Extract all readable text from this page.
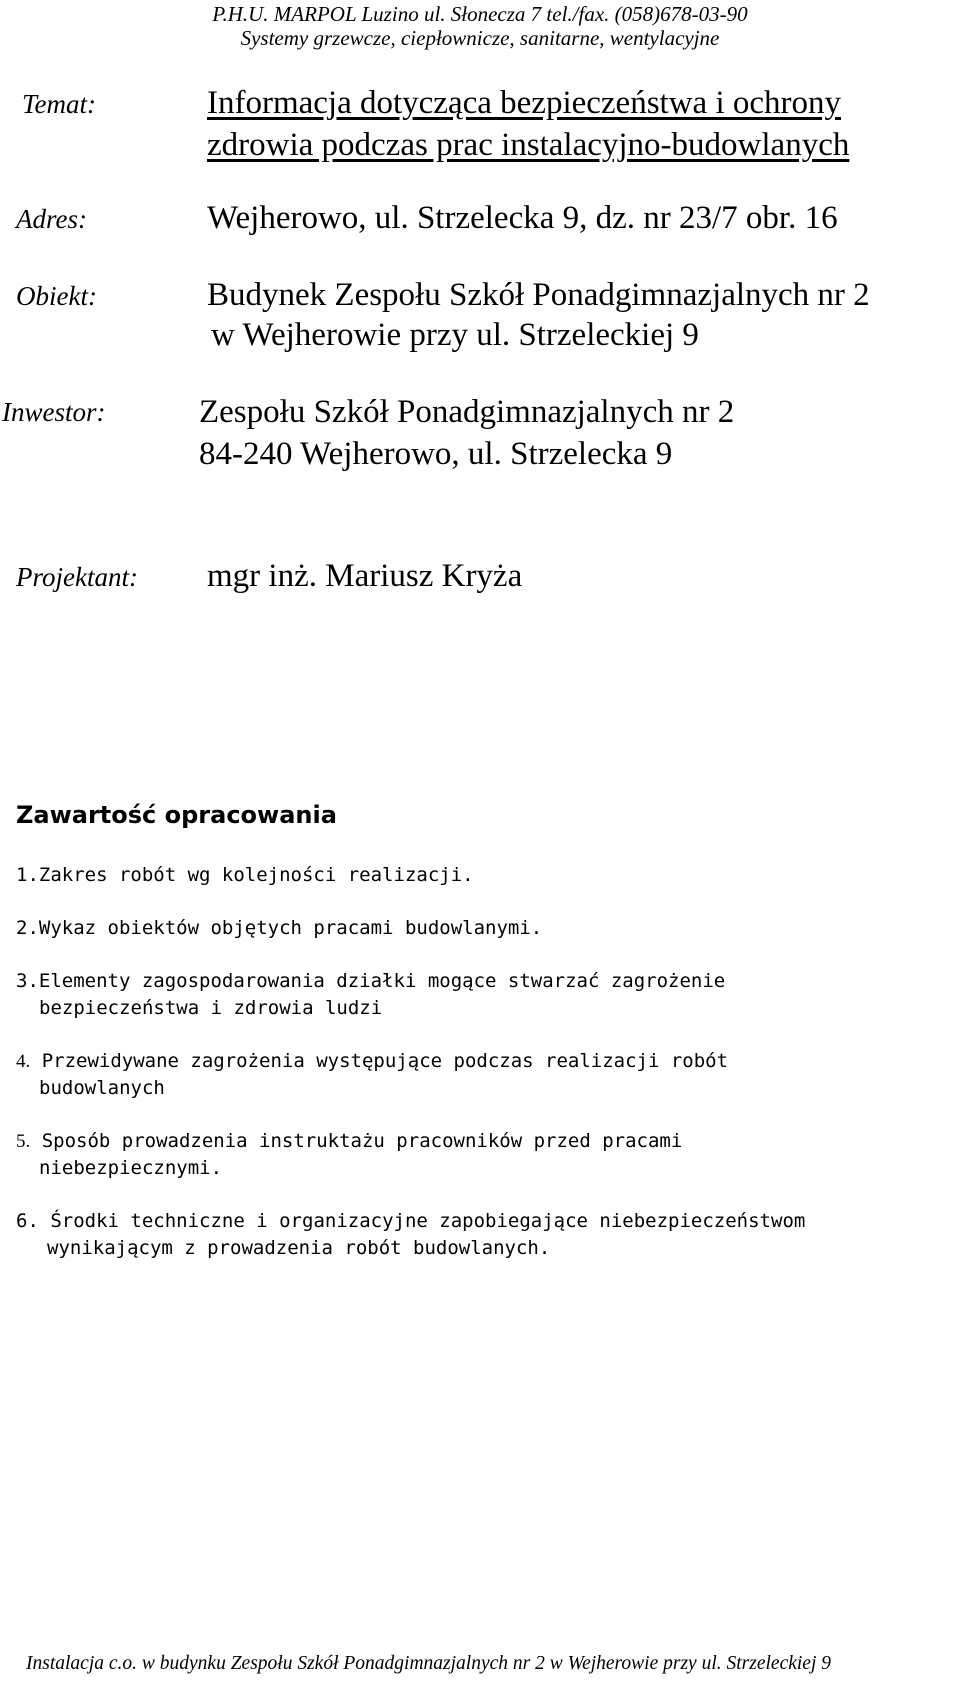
P.H.U. MARPOL Luzino ul. Słonecza 7 tel./fax. (058)678-03-90
Systemy grzewcze, ciepłownicze, sanitarne, wentylacyjne
Temat:	Informacja dotycząca bezpieczeństwa i ochrony
zdrowia podczas prac instalacyjno-budowlanych
Adres:	Wejherowo, ul. Strzelecka 9, dz. nr 23/7 obr. 16
Obiekt:	Budynek Zespołu Szkół Ponadgimnazjalnych nr 2
w Wejherowie przy ul. Strzeleckiej 9
Inwestor:	Zespołu Szkół Ponadgimnazjalnych nr 2
84-240 Wejherowo, ul. Strzelecka 9
Projektant: mgr inż. Mariusz Kryża
Zawartość opracowania
1.Zakres robót wg kolejności realizacji.
2.Wykaz obiektów objętych pracami budowlanymi.
3.Elementy zagospodarowania działki mogące stwarzać zagrożenie
bezpieczeństwa i zdrowia ludzi
4. Przewidywane zagrożenia występujące podczas realizacji robót
budowlanych
5. Sposób prowadzenia instruktażu pracowników przed pracami
niebezpiecznymi.
6. Środki techniczne i organizacyjne zapobiegające niebezpieczeństwom
wynikającym z prowadzenia robót budowlanych.
Instalacja c.o. w budynku Zespołu Szkół Ponadgimnazjalnych nr 2 w Wejherowie przy ul. Strzeleckiej 9
